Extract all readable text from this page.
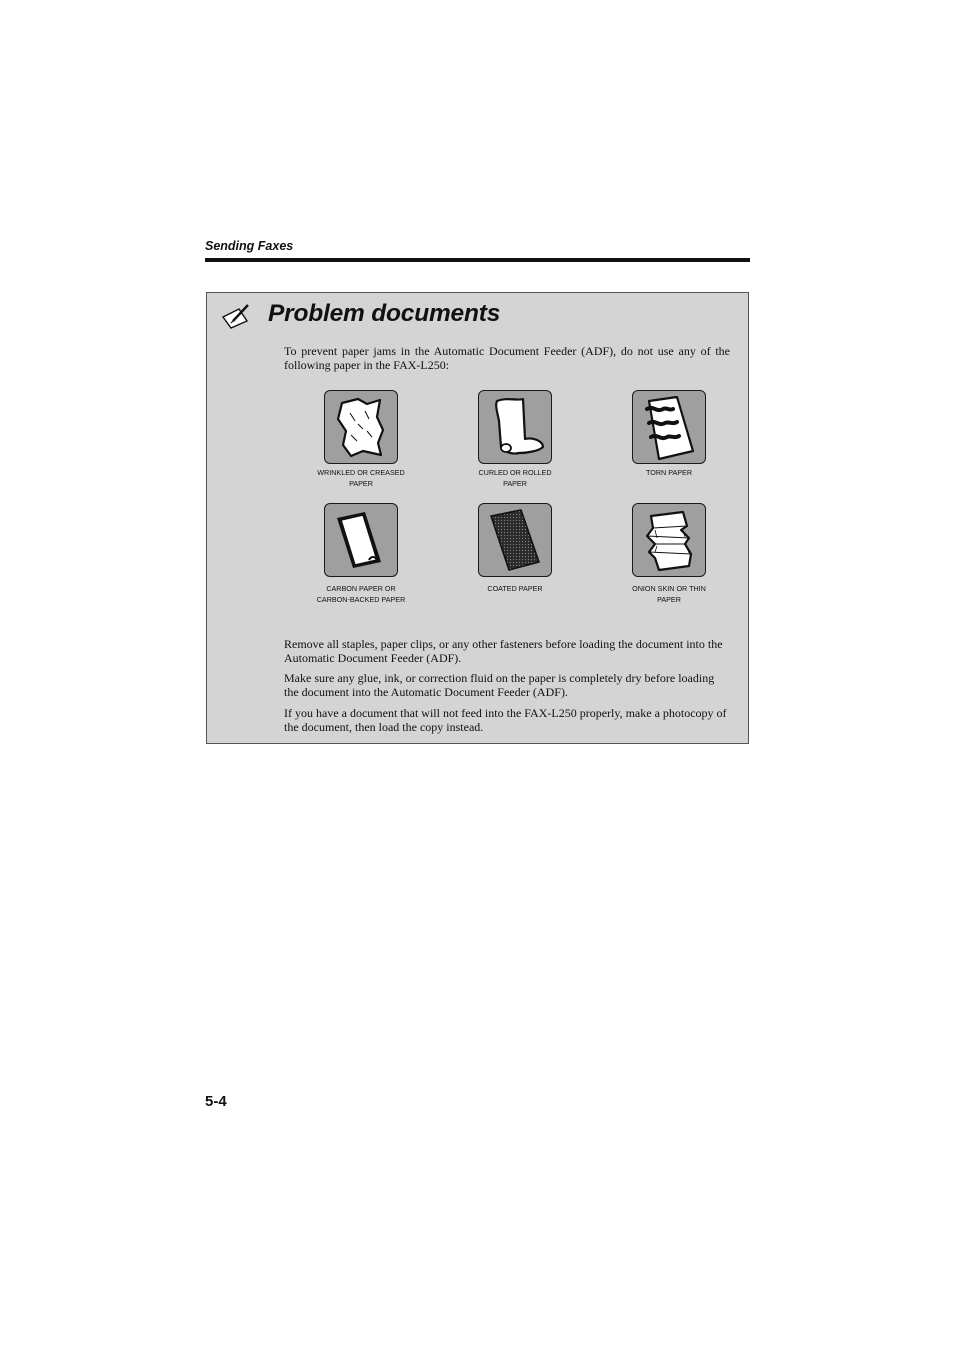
Sending Faxes
Problem documents
To prevent paper jams in the Automatic Document Feeder (ADF), do not use any of the following paper in the FAX-L250:
WRINKLED OR CREASED
PAPER
CURLED OR ROLLED
PAPER
TORN PAPER
CARBON PAPER OR
CARBON-BACKED PAPER
COATED PAPER	ONION SKIN OR THIN
PAPER

Remove all staples, paper clips, or any other fasteners before loading the document into the Automatic Document Feeder (ADF).

Make sure any glue, ink, or correction fluid on the paper is completely dry before loading the document into the Automatic Document Feeder (ADF).

If you have a document that will not feed into the FAX-L250 properly, make a photocopy of the document, then load the copy instead.

5-4
